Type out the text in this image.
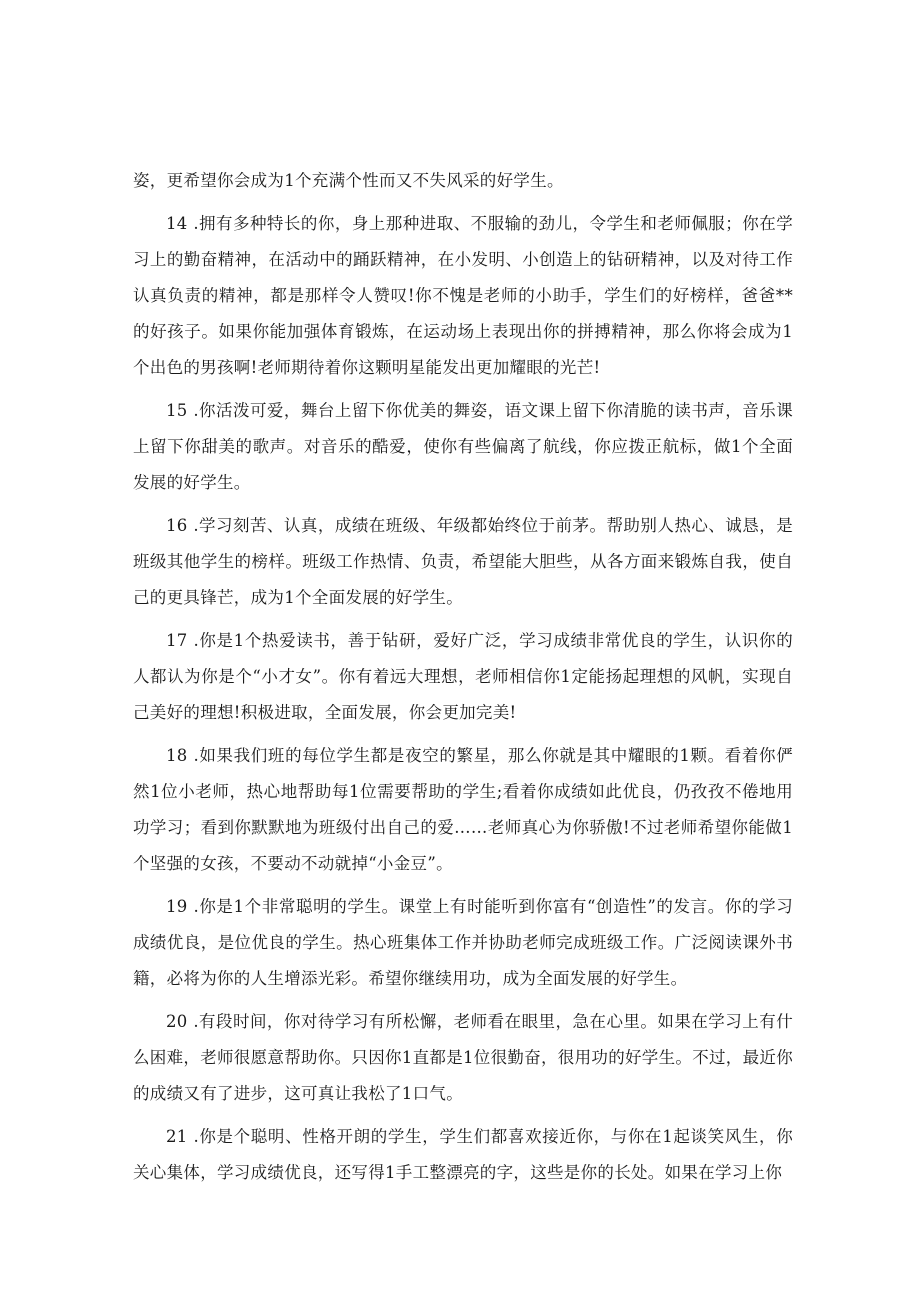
姿，更希望你会成为1个充满个性而又不失风采的好学生。

14 .拥有多种特长的你，身上那种进取、不服输的劲儿，令学生和老师佩服；你在学习上的勤奋精神，在活动中的踊跃精神，在小发明、小创造上的钻研精神，以及对待工作认真负责的精神，都是那样令人赞叹!你不愧是老师的小助手，学生们的好榜样，爸爸**的好孩子。如果你能加强体育锻炼，在运动场上表现出你的拼搏精神，那么你将会成为1个出色的男孩啊!老师期待着你这颗明星能发出更加耀眼的光芒!

15 .你活泼可爱，舞台上留下你优美的舞姿，语文课上留下你清脆的读书声，音乐课上留下你甜美的歌声。对音乐的酷爱，使你有些偏离了航线，你应拨正航标，做1个全面发展的好学生。

16 .学习刻苦、认真，成绩在班级、年级都始终位于前茅。帮助别人热心、诚恳，是班级其他学生的榜样。班级工作热情、负责，希望能大胆些，从各方面来锻炼自我，使自己的更具锋芒，成为1个全面发展的好学生。

17 .你是1个热爱读书，善于钻研，爱好广泛，学习成绩非常优良的学生，认识你的人都认为你是个“小才女”。你有着远大理想，老师相信你1定能扬起理想的风帆，实现自己美好的理想!积极进取，全面发展，你会更加完美!

18 .如果我们班的每位学生都是夜空的繁星，那么你就是其中耀眼的1颗。看着你俨然1位小老师，热心地帮助每1位需要帮助的学生;看着你成绩如此优良，仍孜孜不倦地用功学习；看到你默默地为班级付出自己的爱……老师真心为你骄傲!不过老师希望你能做1个坚强的女孩，不要动不动就掉“小金豆”。

19 .你是1个非常聪明的学生。课堂上有时能听到你富有“创造性”的发言。你的学习成绩优良，是位优良的学生。热心班集体工作并协助老师完成班级工作。广泛阅读课外书籍，必将为你的人生增添光彩。希望你继续用功，成为全面发展的好学生。

20 .有段时间，你对待学习有所松懈，老师看在眼里，急在心里。如果在学习上有什么困难，老师很愿意帮助你。只因你1直都是1位很勤奋，很用功的好学生。不过，最近你的成绩又有了进步，这可真让我松了1口气。

21 .你是个聪明、性格开朗的学生，学生们都喜欢接近你，与你在1起谈笑风生，你关心集体，学习成绩优良，还写得1手工整漂亮的字，这些是你的长处。如果在学习上你
